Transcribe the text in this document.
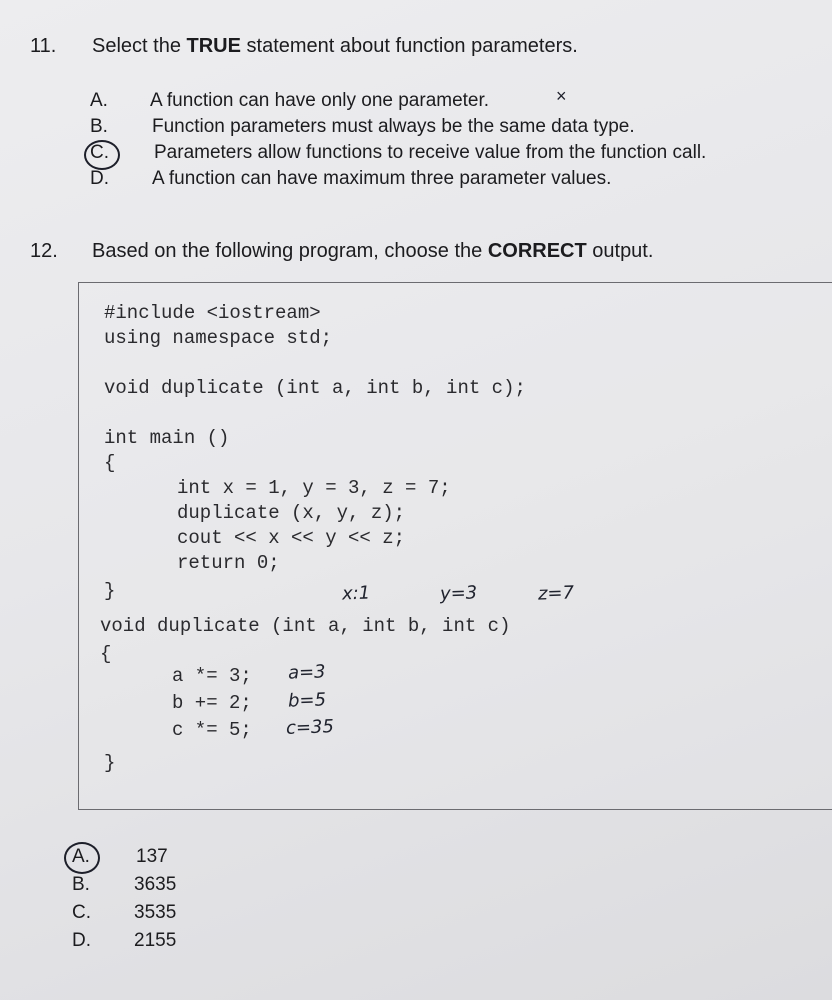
11. Select the TRUE statement about function parameters.
A.	A function can have only one parameter.	×
B.	Function parameters must always be the same data type.
C.	Parameters allow functions to receive value from the function call.
D.	A function can have maximum three parameter values.
12. Based on the following program, choose the CORRECT output.
#include <iostream>
using namespace std;
void duplicate (int a, int b, int c);
int main ()
{
int x = 1, y = 3, z = 7;
duplicate (x, y, z);
cout << x << y << z;
return 0;
}
void duplicate (int a, int b, int c)
{
a *= 3;
b += 2;
c *= 5;
}
x:1	y=3	z=7
a=3
b=5
c=35
A.	137
B.	3635
C.	3535
D.	2155
